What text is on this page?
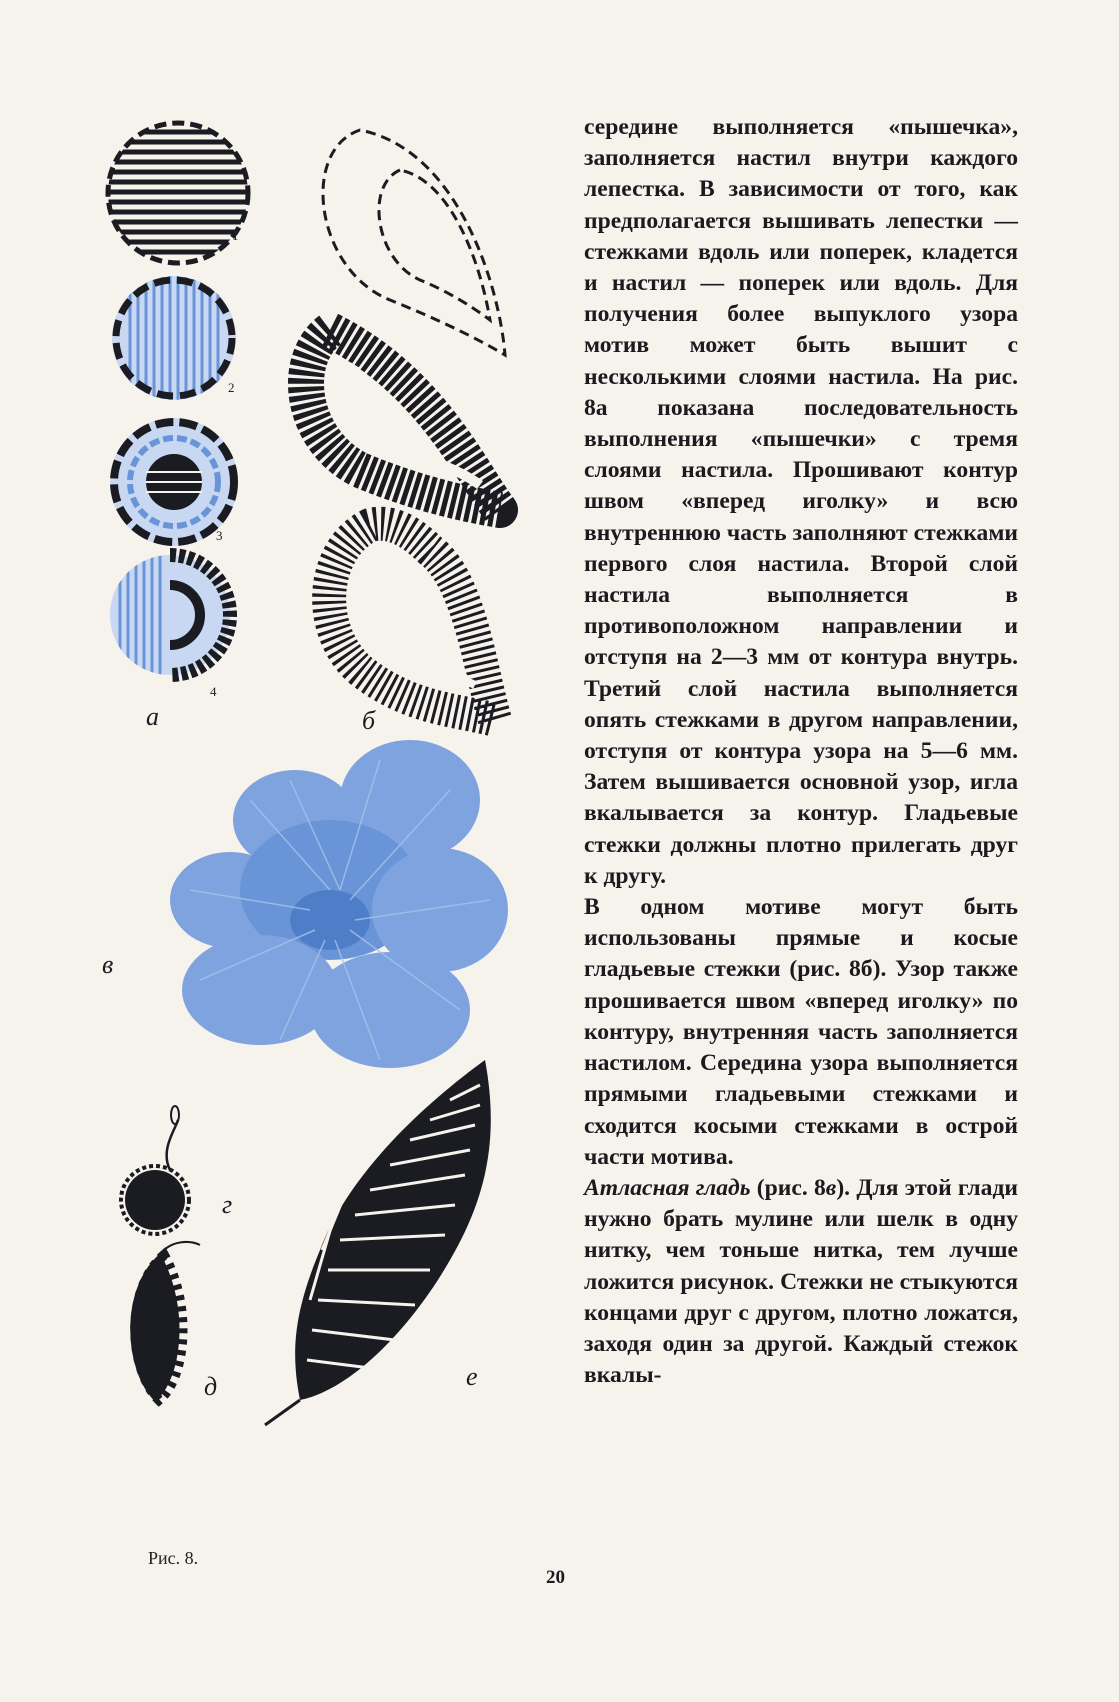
1
2
3
4
а	б
в
г
д	е
Рис. 8.

середине выполняется «пышечка», заполняется настил внутри каждого лепестка. В зависимости от того, как предполагается вышивать лепестки — стежками вдоль или поперек, кладется и настил — поперек или вдоль. Для получения более выпуклого узора мотив может быть вышит с несколькими слоями настила. На рис. 8а показана последовательность выполнения «пышечки» с тремя слоями настила. Прошивают контур швом «вперед иголку» и всю внутреннюю часть заполняют стежками первого слоя настила. Второй слой настила выполняется в противоположном направлении и отступя на 2—3 мм от контура внутрь. Третий слой настила выполняется опять стежками в другом направлении, отступя от контура узора на 5—6 мм. Затем вышивается основной узор, игла вкалывается за контур. Гладьевые стежки должны плотно прилегать друг к другу.

В одном мотиве могут быть использованы прямые и косые гладьевые стежки (рис. 8б). Узор также прошивается швом «вперед иголку» по контуру, внутренняя часть заполняется настилом. Середина узора выполняется прямыми гладьевыми стежками и сходится косыми стежками в острой части мотива.

Атласная гладь (рис. 8в). Для этой глади нужно брать мулине или шелк в одну нитку, чем тоньше нитка, тем лучше ложится рисунок. Стежки не стыкуются концами друг с другом, плотно ложатся, заходя один за другой. Каждый стежок вкалы-

20
